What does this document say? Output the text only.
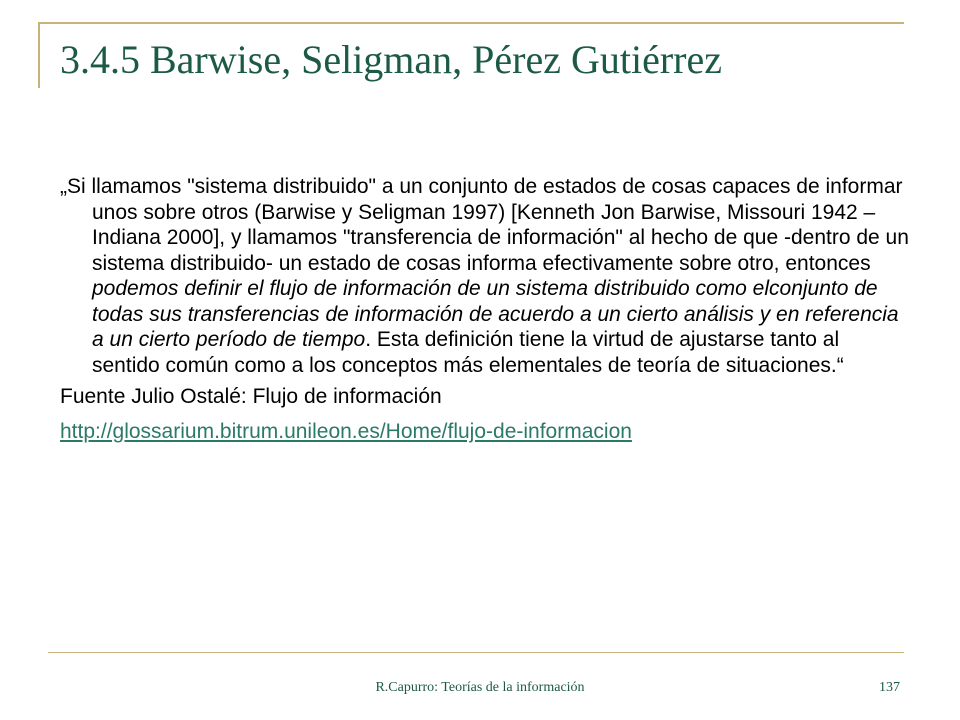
3.4.5 Barwise, Seligman, Pérez Gutiérrez

„Si llamamos "sistema distribuido" a un conjunto de estados de cosas capaces de informar unos sobre otros (Barwise y Seligman 1997) [Kenneth Jon Barwise, Missouri 1942 – Indiana 2000], y llamamos "transferencia de información" al hecho de que -dentro de un sistema distribuido- un estado de cosas informa efectivamente sobre otro, entonces podemos definir el flujo de información de un sistema distribuido como elconjunto de todas sus transferencias de información de acuerdo a un cierto análisis y en referencia a un cierto período de tiempo. Esta definición tiene la virtud de ajustarse tanto al sentido común como a los conceptos más elementales de teoría de situaciones.“

Fuente Julio Ostalé: Flujo de información

http://glossarium.bitrum.unileon.es/Home/flujo-de-informacion
R.Capurro: Teorías de la información	137
